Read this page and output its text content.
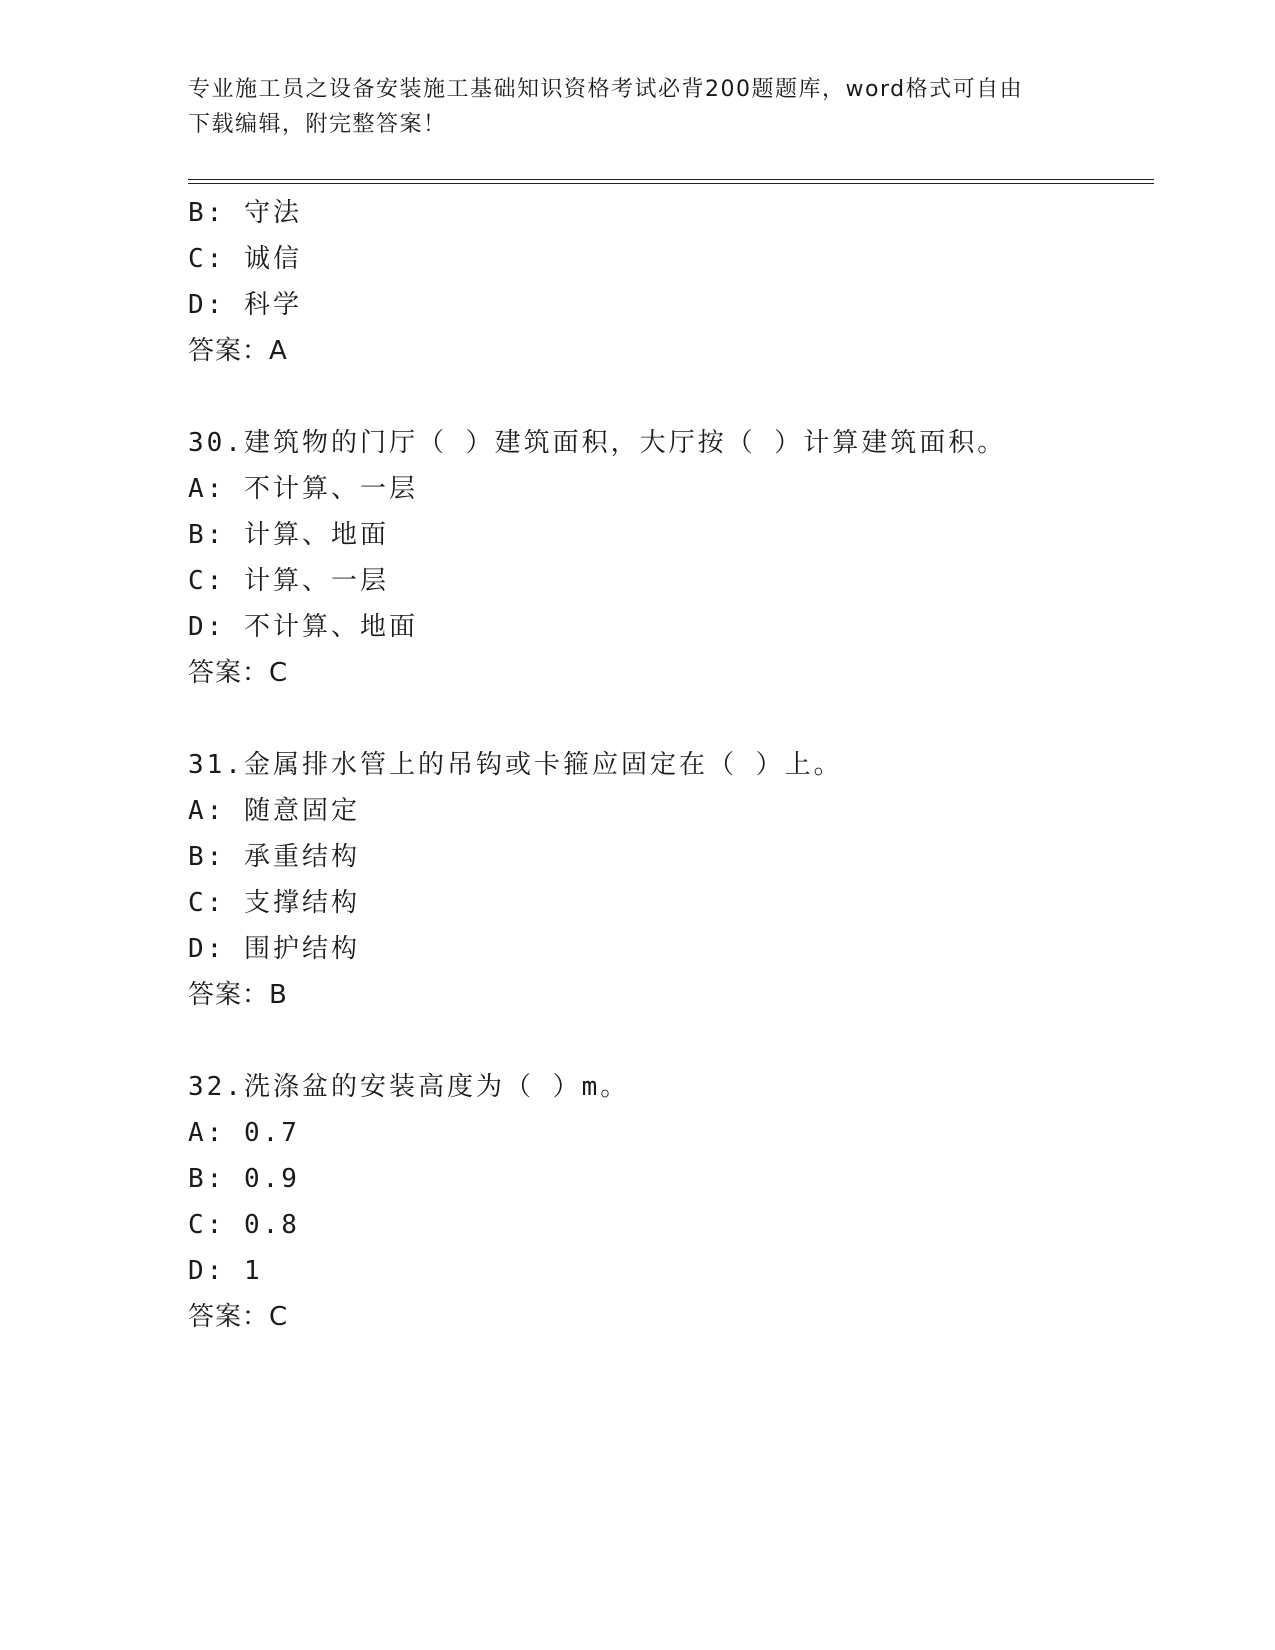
专业施工员之设备安装施工基础知识资格考试必背200题题库，word格式可自由
下载编辑，附完整答案！
B: 守法
C: 诚信
D: 科学
答案：A
30.建筑物的门厅（ ）建筑面积，大厅按（ ）计算建筑面积。
A: 不计算、一层
B: 计算、地面
C: 计算、一层
D: 不计算、地面
答案：C
31.金属排水管上的吊钩或卡箍应固定在（ ）上。
A: 随意固定
B: 承重结构
C: 支撑结构
D: 围护结构
答案：B
32.洗涤盆的安装高度为（ ）m。
A: 0.7
B: 0.9
C: 0.8
D: 1
答案：C
